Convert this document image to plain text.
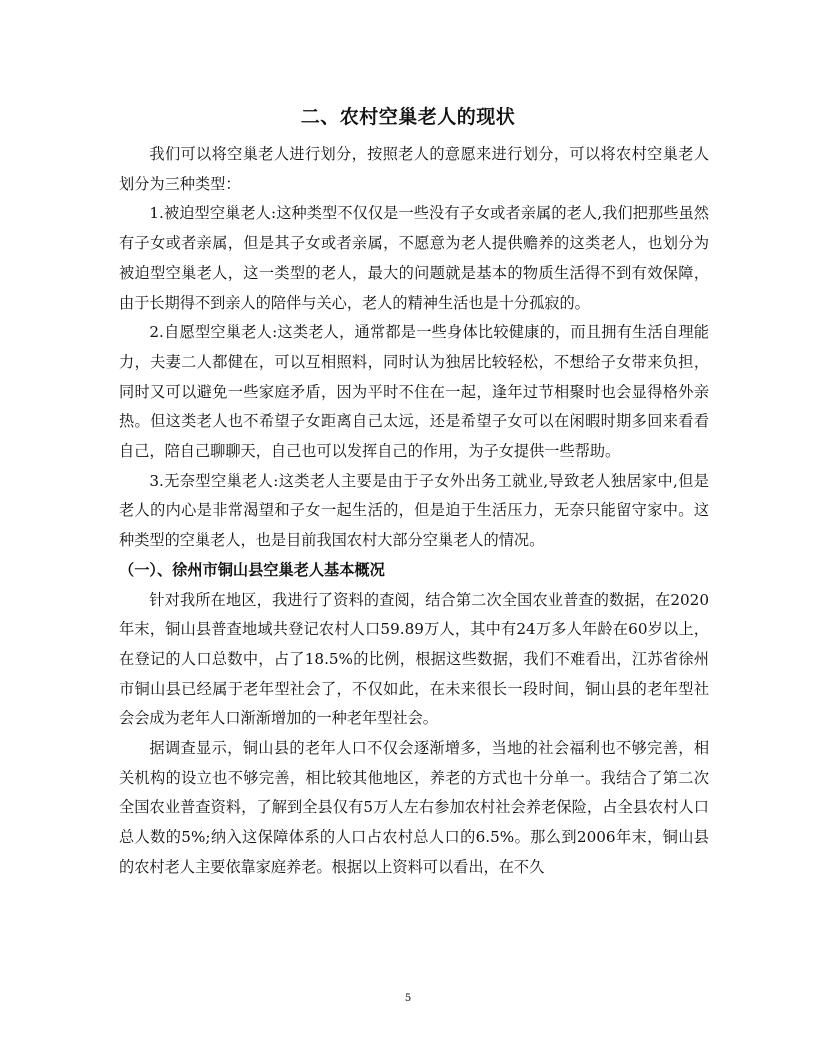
二、农村空巢老人的现状

我们可以将空巢老人进行划分，按照老人的意愿来进行划分，可以将农村空巢老人划分为三种类型：

1.被迫型空巢老人:这种类型不仅仅是一些没有子女或者亲属的老人,我们把那些虽然有子女或者亲属，但是其子女或者亲属，不愿意为老人提供赡养的这类老人，也划分为被迫型空巢老人，这一类型的老人，最大的问题就是基本的物质生活得不到有效保障，由于长期得不到亲人的陪伴与关心，老人的精神生活也是十分孤寂的。

2.自愿型空巢老人:这类老人，通常都是一些身体比较健康的，而且拥有生活自理能力，夫妻二人都健在，可以互相照料，同时认为独居比较轻松，不想给子女带来负担，同时又可以避免一些家庭矛盾，因为平时不住在一起，逢年过节相聚时也会显得格外亲热。但这类老人也不希望子女距离自己太远，还是希望子女可以在闲暇时期多回来看看自己，陪自己聊聊天，自己也可以发挥自己的作用，为子女提供一些帮助。

3.无奈型空巢老人:这类老人主要是由于子女外出务工就业,导致老人独居家中,但是老人的内心是非常渴望和子女一起生活的，但是迫于生活压力，无奈只能留守家中。这种类型的空巢老人，也是目前我国农村大部分空巢老人的情况。

（一）、徐州市铜山县空巢老人基本概况

针对我所在地区，我进行了资料的查阅，结合第二次全国农业普查的数据，在2020年末，铜山县普查地域共登记农村人口59.89万人，其中有24万多人年龄在60岁以上，在登记的人口总数中，占了18.5%的比例，根据这些数据，我们不难看出，江苏省徐州市铜山县已经属于老年型社会了，不仅如此，在未来很长一段时间，铜山县的老年型社会会成为老年人口渐渐增加的一种老年型社会。

据调查显示，铜山县的老年人口不仅会逐渐增多，当地的社会福利也不够完善，相关机构的设立也不够完善，相比较其他地区，养老的方式也十分单一。我结合了第二次全国农业普查资料，了解到全县仅有5万人左右参加农村社会养老保险，占全县农村人口总人数的5%;纳入这保障体系的人口占农村总人口的6.5%。那么到2006年末，铜山县的农村老人主要依靠家庭养老。根据以上资料可以看出，在不久

5
